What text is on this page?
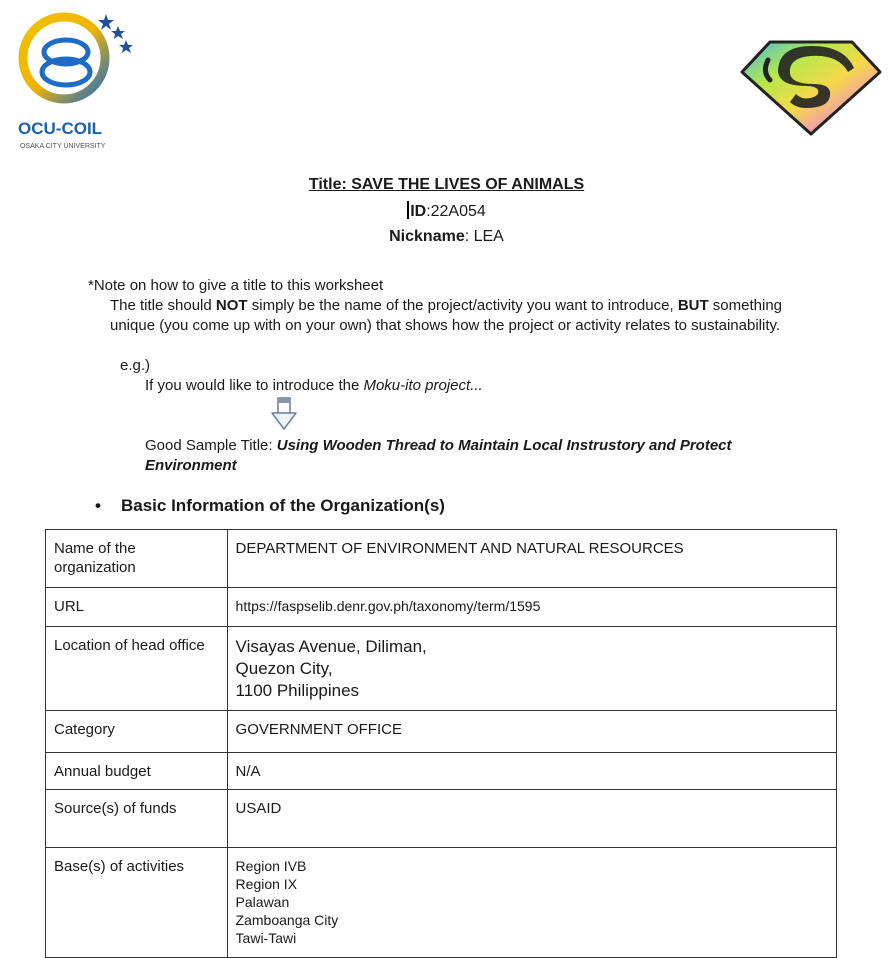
OCU-COIL
OSAKA CITY UNIVERSITY
Title: SAVE THE LIVES OF ANIMALS
ID:22A054
Nickname: LEA
*Note on how to give a title to this worksheet
The title should NOT simply be the name of the project/activity you want to introduce, BUT something unique (you come up with on your own) that shows how the project or activity relates to sustainability.
e.g.)
If you would like to introduce the Moku-ito project...
Good Sample Title: Using Wooden Thread to Maintain Local Instrustory and Protect Environment
• Basic Information of the Organization(s)
Name of the organization	DEPARTMENT OF ENVIRONMENT AND NATURAL RESOURCES
URL	https://faspselib.denr.gov.ph/taxonomy/term/1595
Location of head office	Visayas Avenue, Diliman,
Quezon City,
1100 Philippines

Category	GOVERNMENT OFFICE
Annual budget	N/A
Source(s) of funds	USAID
Base(s) of activities	Region IVB
Region IX
Palawan
Zamboanga City
Tawi-Tawi
